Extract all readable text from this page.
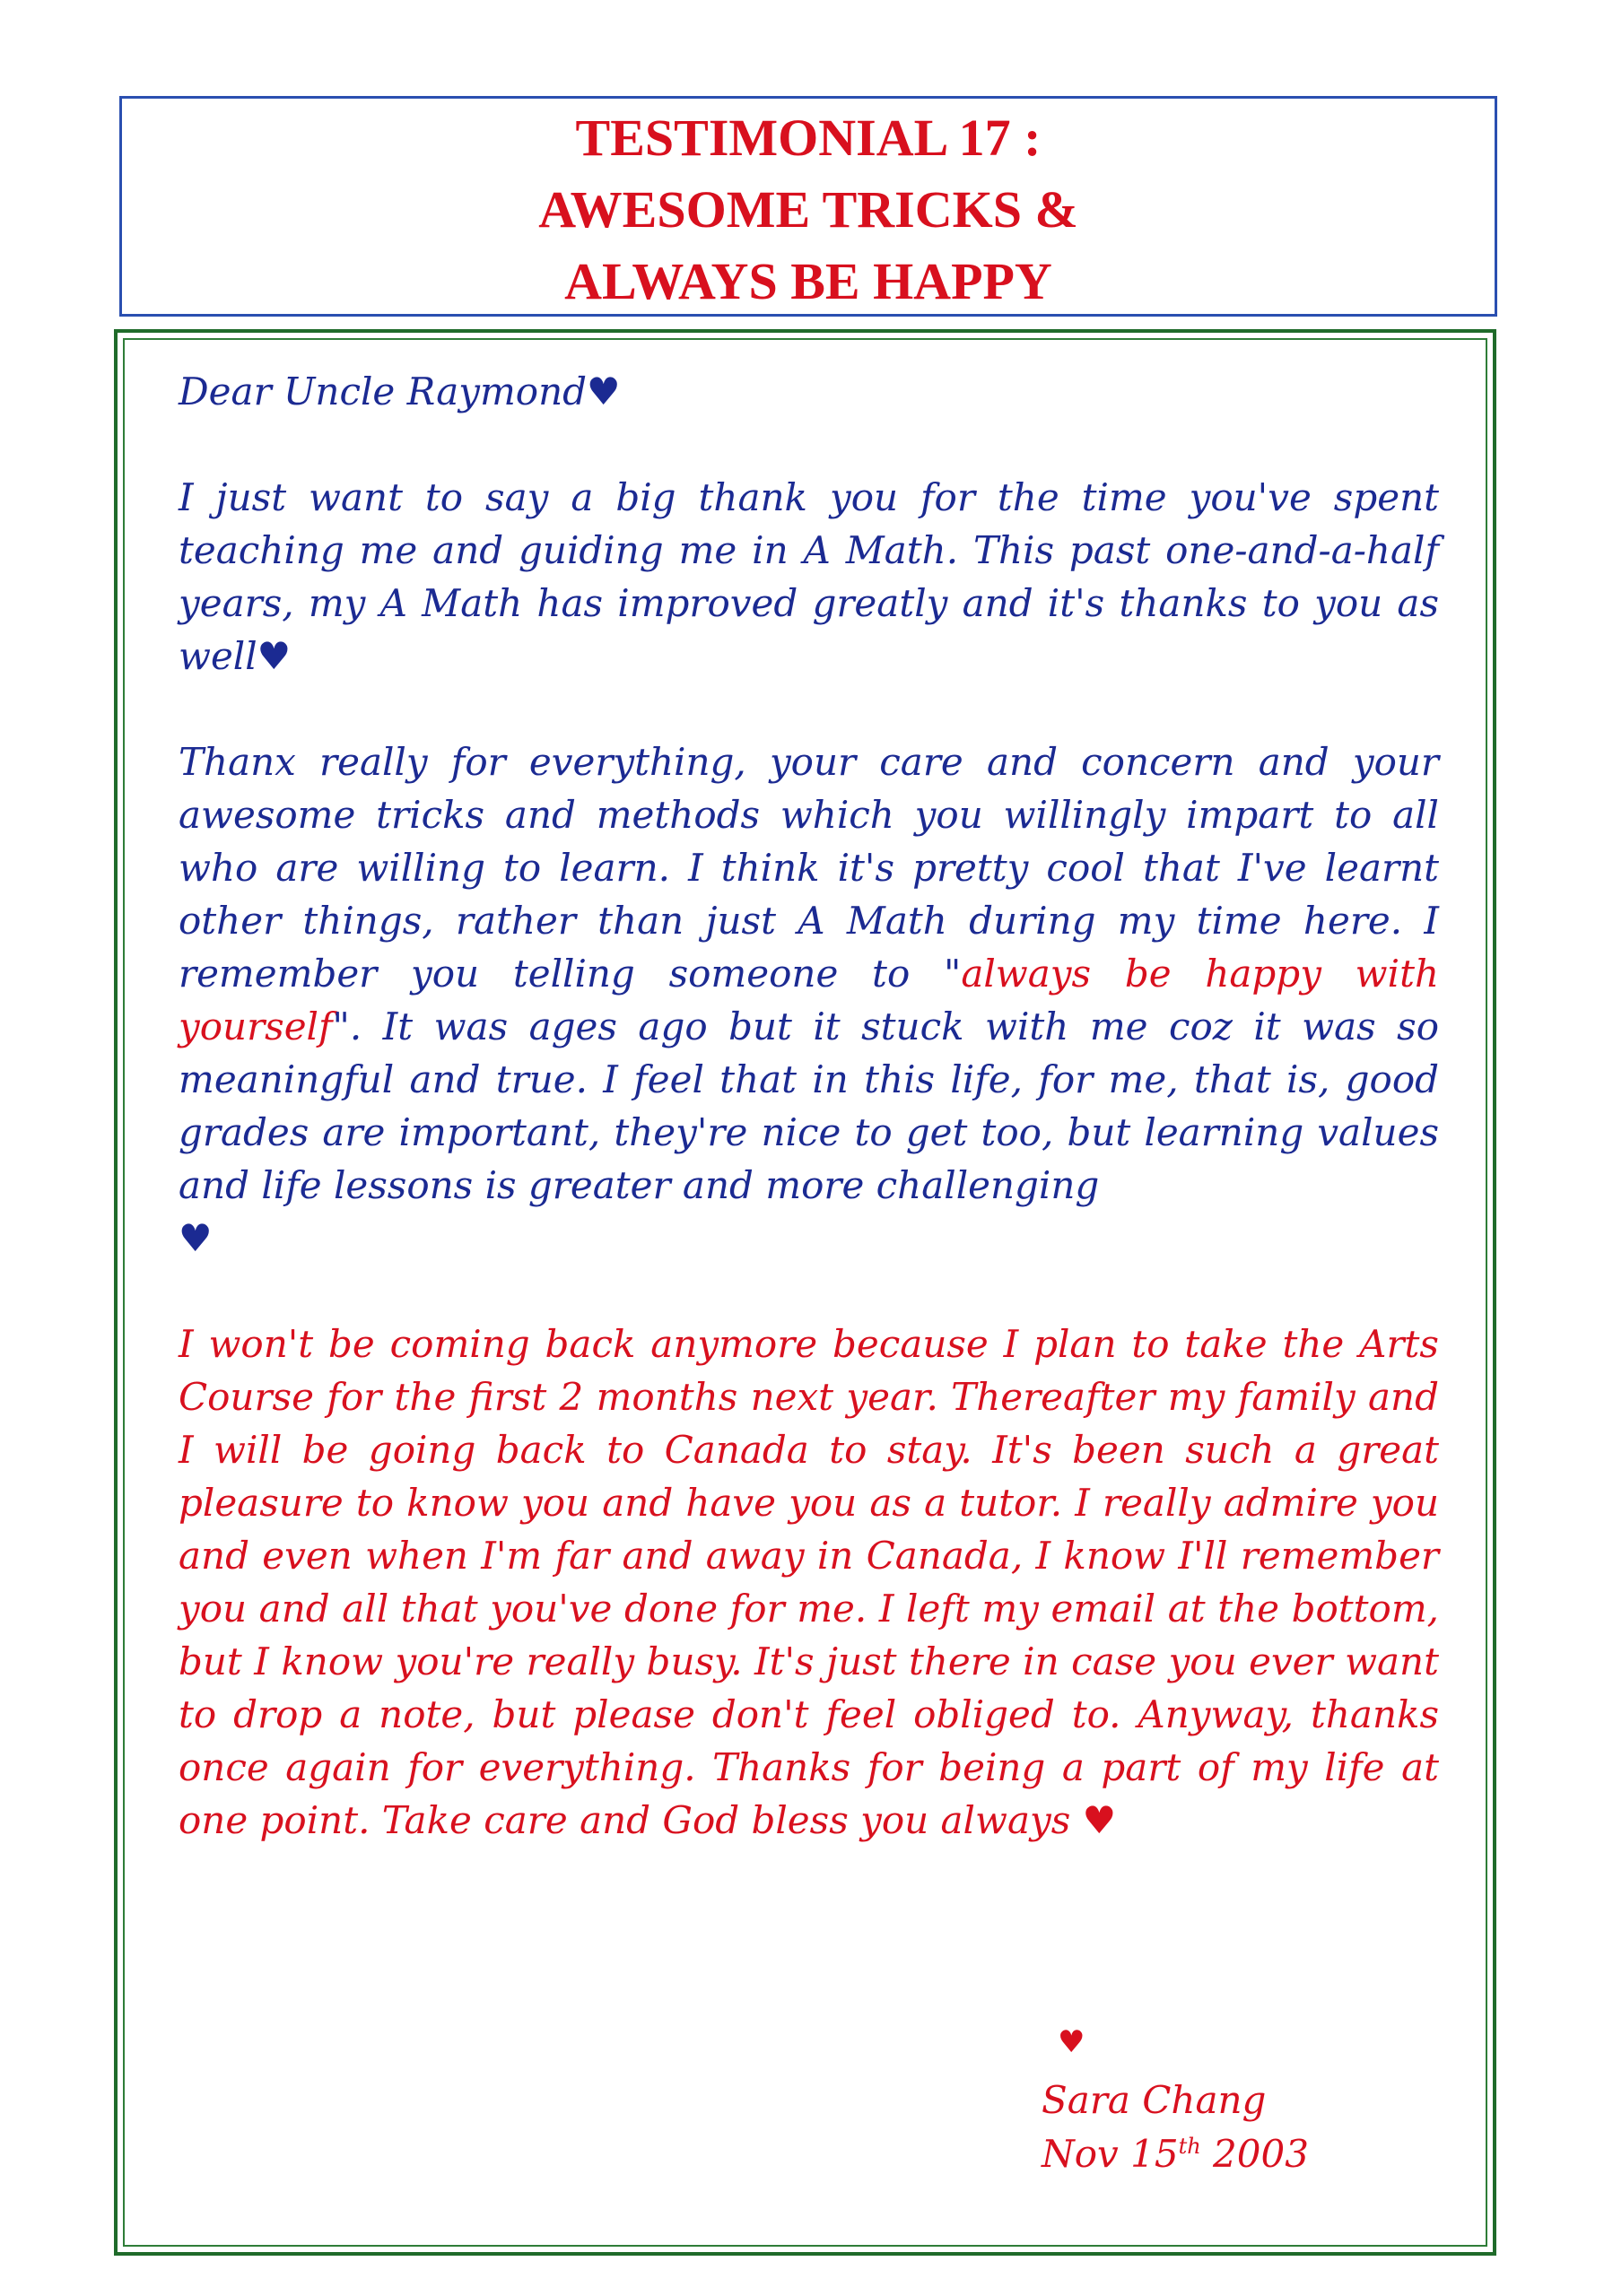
TESTIMONIAL 17 :
AWESOME TRICKS &
ALWAYS BE HAPPY

Dear Uncle Raymond♥

I just want to say a big thank you for the time you've spent teaching me and guiding me in A Math. This past one-and-a-half years, my A Math has improved greatly and it's thanks to you as well♥

Thanx really for everything, your care and concern and your awesome tricks and methods which you willingly impart to all who are willing to learn. I think it's pretty cool that I've learnt other things, rather than just A Math during my time here. I remember you telling someone to "always be happy with yourself". It was ages ago but it stuck with me coz it was so meaningful and true. I feel that in this life, for me, that is, good grades are important, they're nice to get too, but learning values and life lessons is greater and more challenging
♥

I won't be coming back anymore because I plan to take the Arts Course for the first 2 months next year. Thereafter my family and I will be going back to Canada to stay. It's been such a great pleasure to know you and have you as a tutor. I really admire you and even when I'm far and away in Canada, I know I'll remember you and all that you've done for me. I left my email at the bottom, but I know you're really busy. It's just there in case you ever want to drop a note, but please don't feel obliged to. Anyway, thanks once again for everything. Thanks for being a part of my life at one point. Take care and God bless you always ♥

♥
Sara Chang
Nov 15th 2003
